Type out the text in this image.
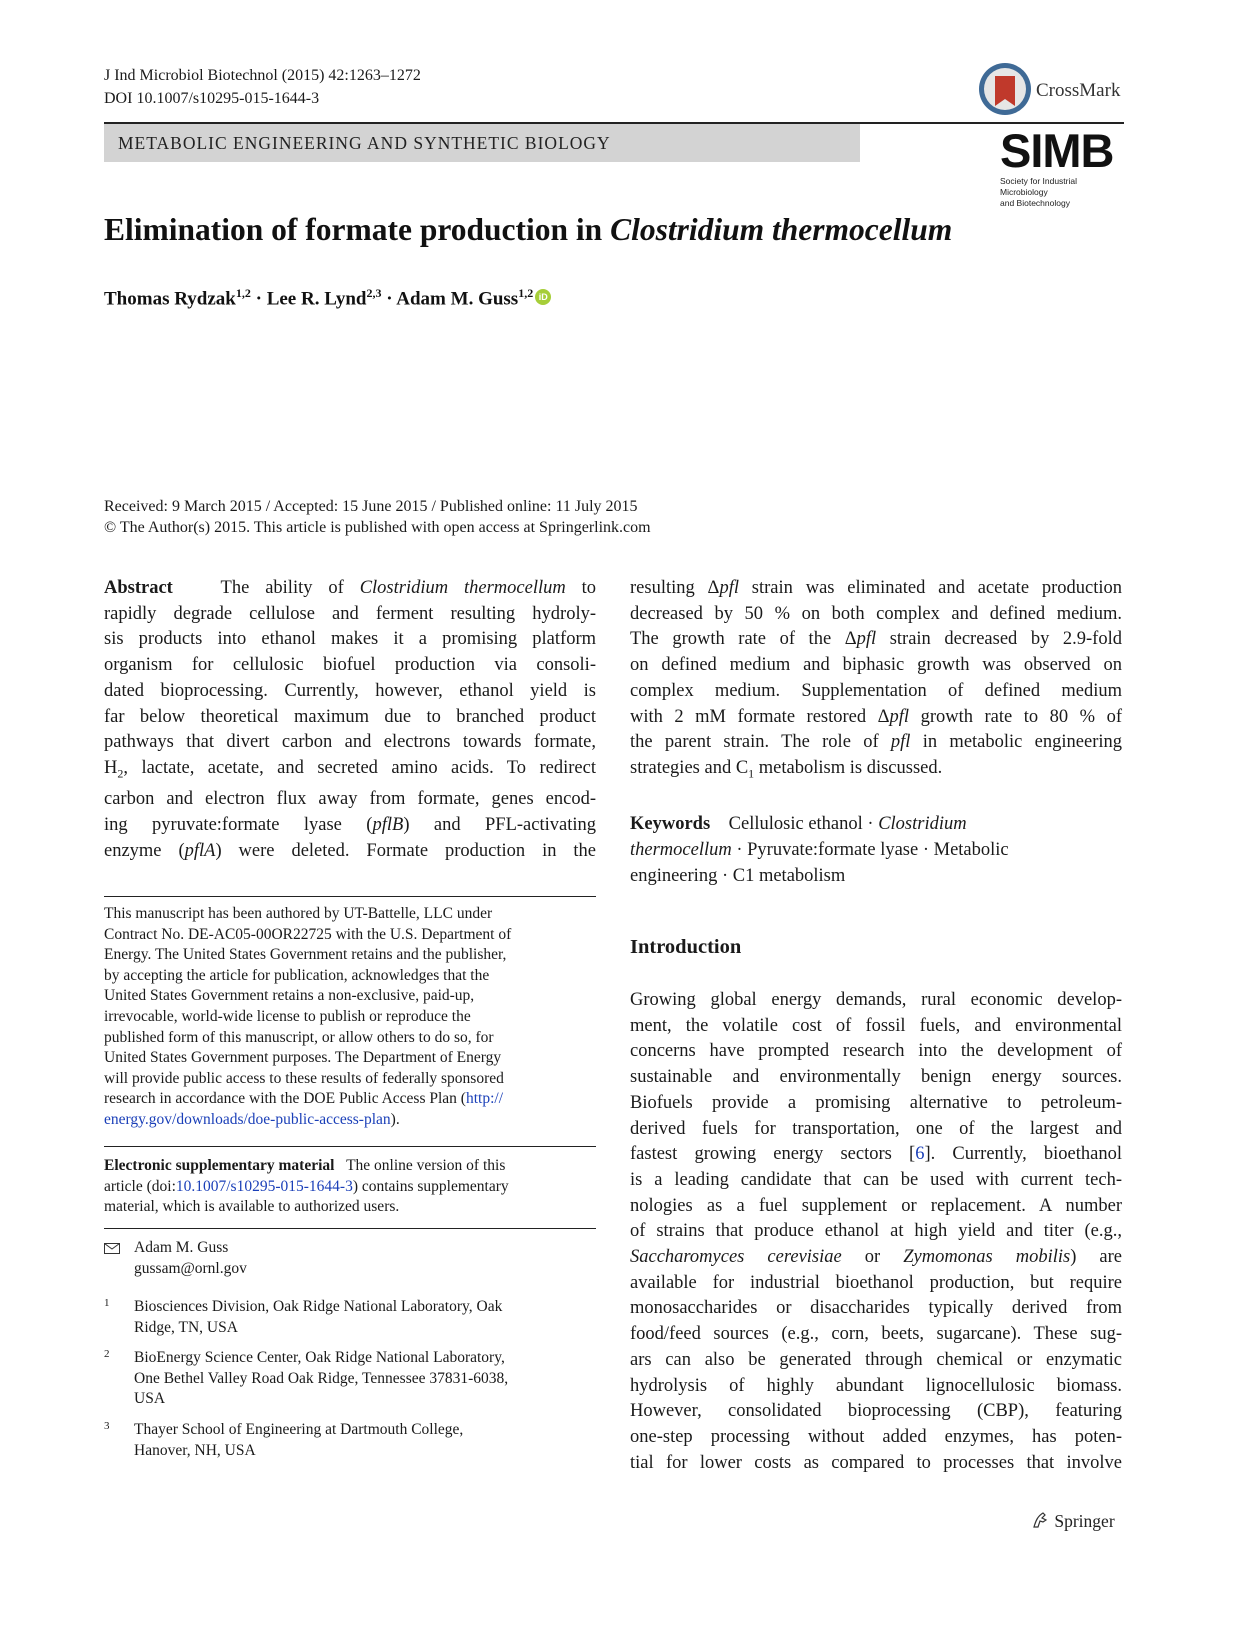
J Ind Microbiol Biotechnol (2015) 42:1263–1272
DOI 10.1007/s10295-015-1644-3	CrossMark
METABOLIC ENGINEERING AND SYNTHETIC BIOLOGY	SIMB
Society for Industrial Microbiology
and Biotechnology
Elimination of formate production in Clostridium thermocellum
Thomas Rydzak$^{1,2}$ · Lee R. Lynd$^{2,3}$ · Adam M. Guss$^{1,2}$ iD
Received: 9 March 2015 / Accepted: 15 June 2015 / Published online: 11 July 2015
© The Author(s) 2015. This article is published with open access at Springerlink.com
Abstract	The ability of Clostridium thermocellum to
rapidly degrade cellulose and ferment resulting hydroly-
sis products into ethanol makes it a promising platform
organism for cellulosic biofuel production via consoli-
dated bioprocessing. Currently, however, ethanol yield is
far below theoretical maximum due to branched product
pathways that divert carbon and electrons towards formate,
$H_2$, lactate, acetate, and secreted amino acids. To redirect
carbon and electron flux away from formate, genes encod-
ing pyruvate:formate lyase (pflB) and PFL-activating
enzyme (pflA) were deleted. Formate production in the
resulting Δpfl strain was eliminated and acetate production
decreased by 50 % on both complex and defined medium.
The growth rate of the Δpfl strain decreased by 2.9-fold
on defined medium and biphasic growth was observed on
complex medium. Supplementation of defined medium
with 2 mM formate restored Δpfl growth rate to 80 % of
the parent strain. The role of pfl in metabolic engineering
strategies and $C_1$ metabolism is discussed.
Keywords    Cellulosic ethanol · Clostridium
thermocellum · Pyruvate:formate lyase · Metabolic
engineering · C1 metabolism
This manuscript has been authored by UT-Battelle, LLC under
Contract No. DE-AC05-00OR22725 with the U.S. Department of
Energy. The United States Government retains and the publisher,
by accepting the article for publication, acknowledges that the
United States Government retains a non-exclusive, paid-up,
irrevocable, world-wide license to publish or reproduce the
published form of this manuscript, or allow others to do so, for
United States Government purposes. The Department of Energy
will provide public access to these results of federally sponsored
research in accordance with the DOE Public Access Plan (http://
energy.gov/downloads/doe-public-access-plan).
Electronic supplementary material The online version of this
article (doi:10.1007/s10295-015-1644-3) contains supplementary
material, which is available to authorized users.
Adam M. Guss
gussam@ornl.gov
1 Biosciences Division, Oak Ridge National Laboratory, Oak
Ridge, TN, USA
2 BioEnergy Science Center, Oak Ridge National Laboratory,
One Bethel Valley Road Oak Ridge, Tennessee 37831-6038,
USA
3 Thayer School of Engineering at Dartmouth College,
Hanover, NH, USA
Introduction
Growing global energy demands, rural economic develop-
ment, the volatile cost of fossil fuels, and environmental
concerns have prompted research into the development of
sustainable and environmentally benign energy sources.
Biofuels provide a promising alternative to petroleum-
derived fuels for transportation, one of the largest and
fastest growing energy sectors [6]. Currently, bioethanol
is a leading candidate that can be used with current tech-
nologies as a fuel supplement or replacement. A number
of strains that produce ethanol at high yield and titer (e.g.,
Saccharomyces cerevisiae or Zymomonas mobilis) are
available for industrial bioethanol production, but require
monosaccharides or disaccharides typically derived from
food/feed sources (e.g., corn, beets, sugarcane). These sug-
ars can also be generated through chemical or enzymatic
hydrolysis of highly abundant lignocellulosic biomass.
However, consolidated bioprocessing (CBP), featuring
one-step processing without added enzymes, has poten-
tial for lower costs as compared to processes that involve
Springer
